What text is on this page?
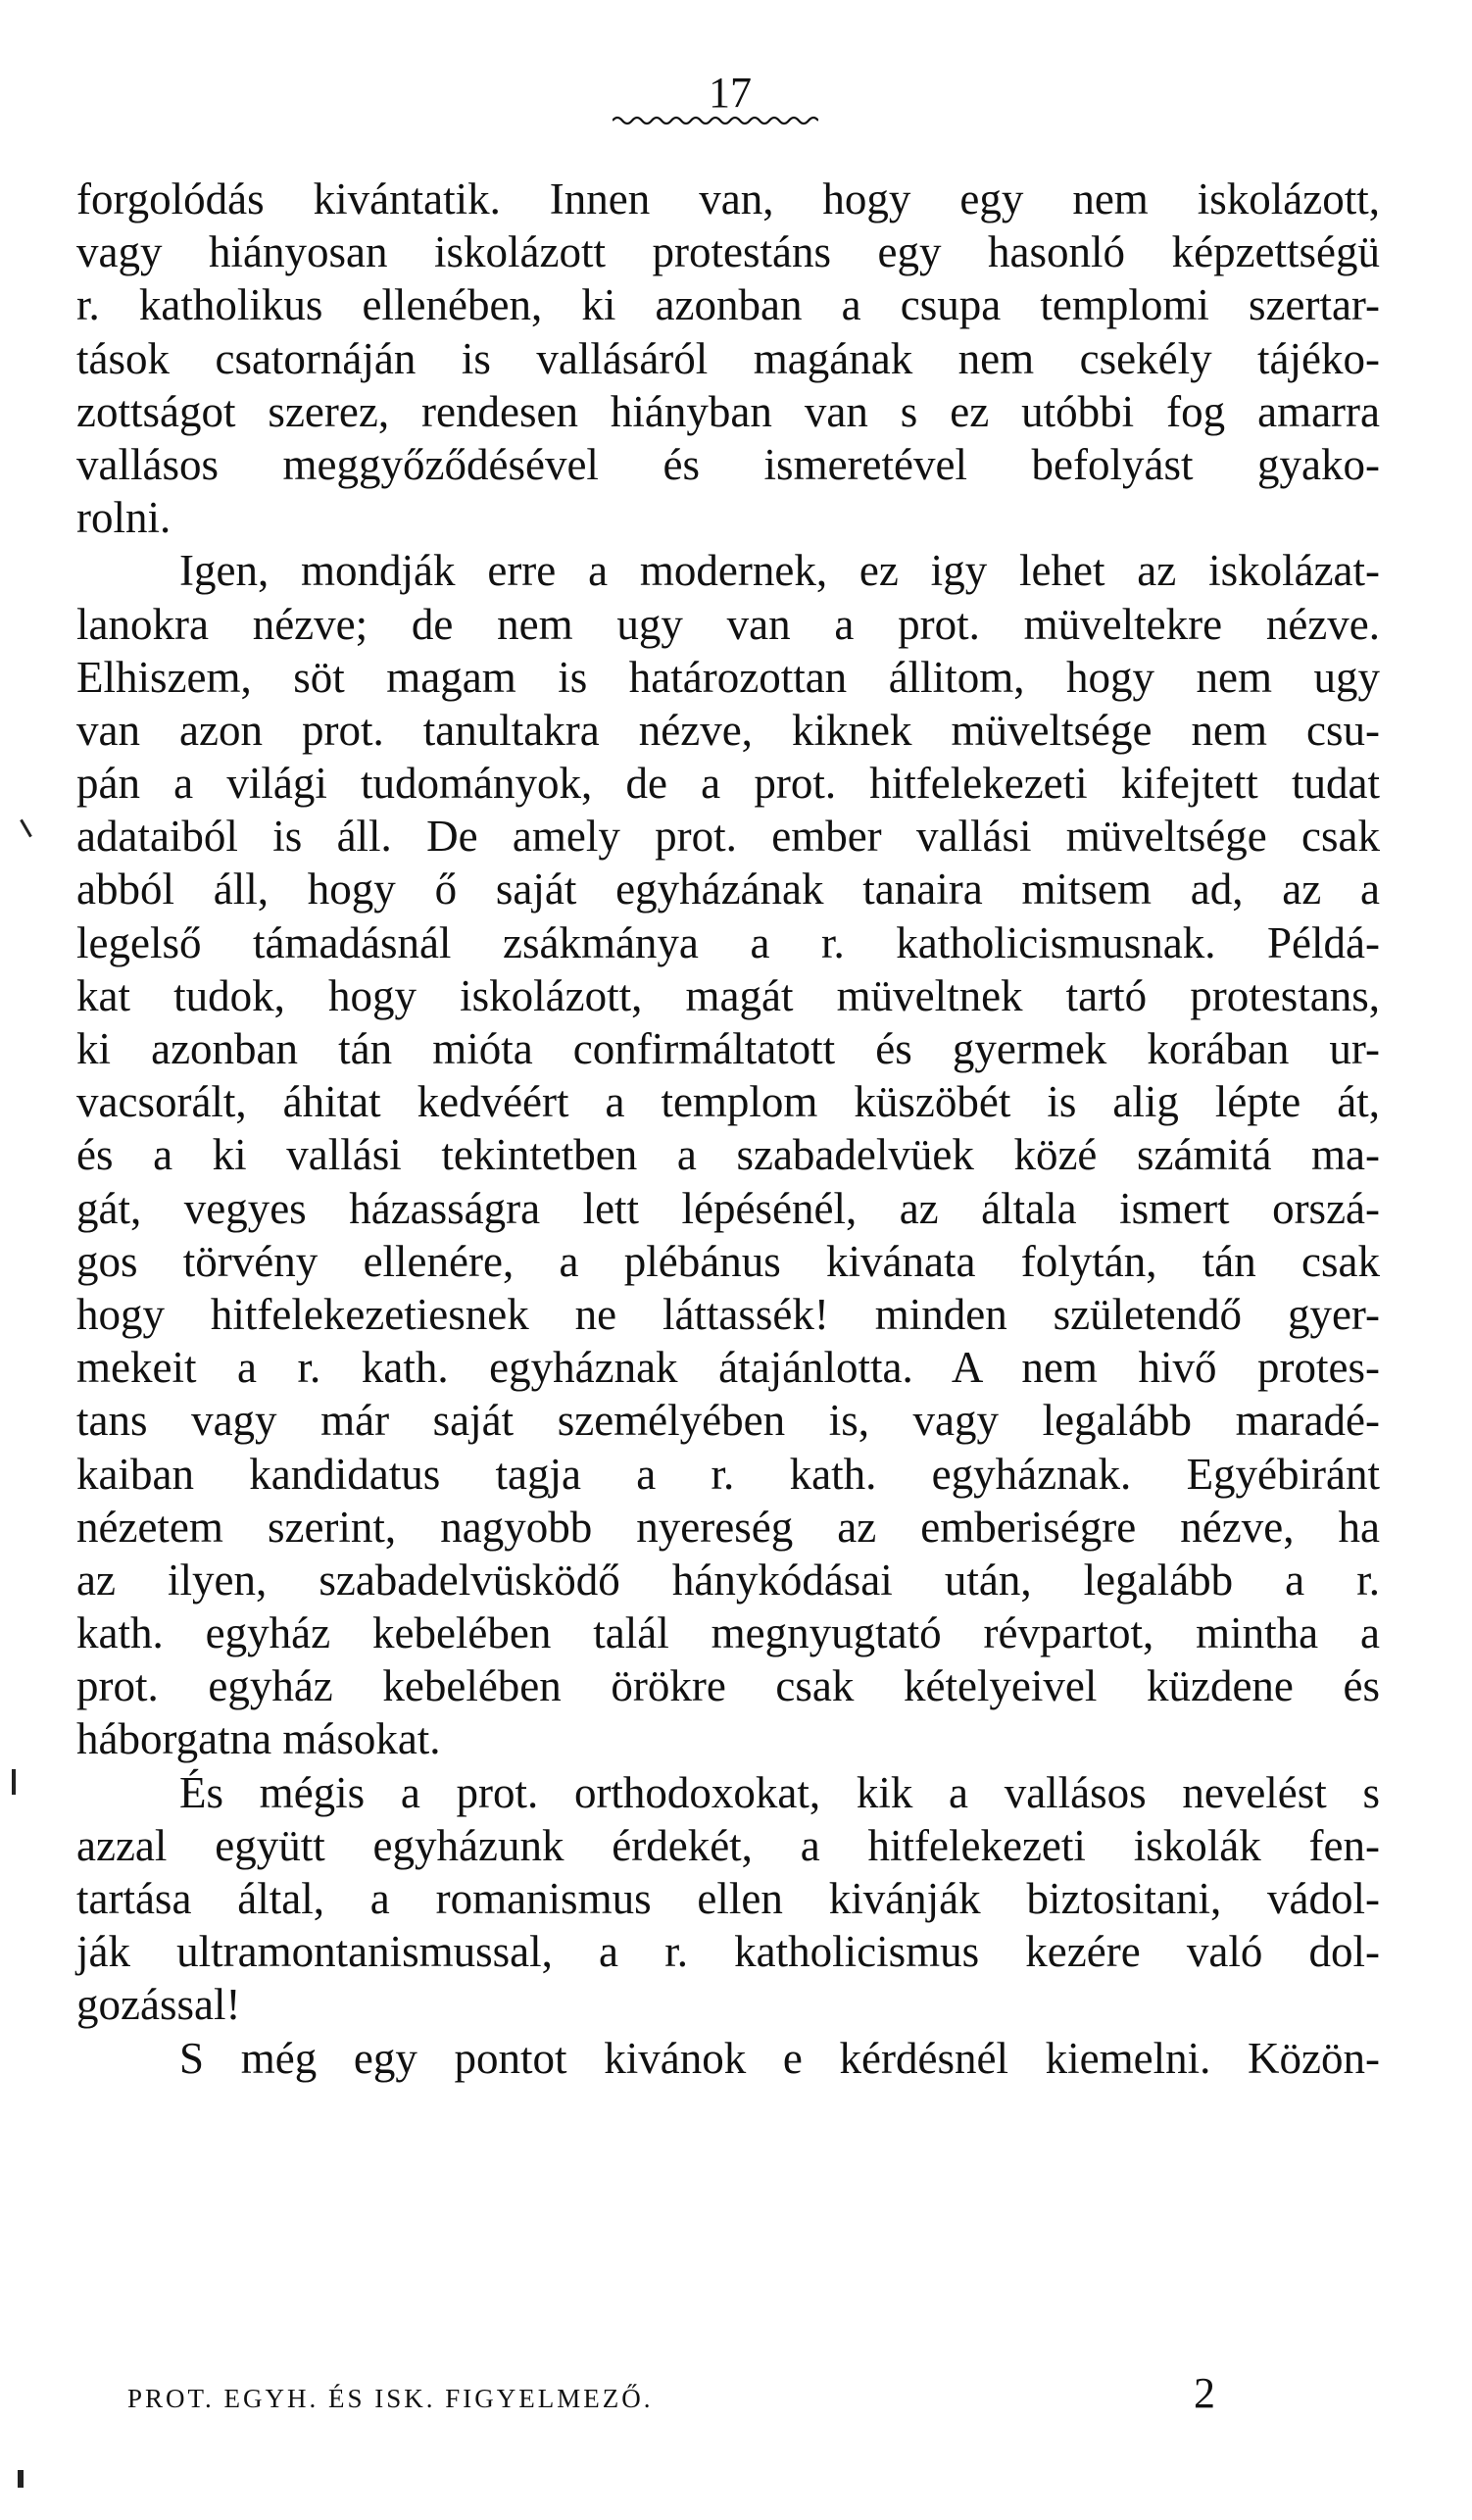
17
forgolódás kivántatik. Innen van, hogy egy nem iskolázott,
vagy hiányosan iskolázott protestáns egy hasonló képzettségü
r. katholikus ellenében, ki azonban a csupa templomi szertar-
tások csatornáján is vallásáról magának nem csekély tájéko-
zottságot szerez, rendesen hiányban van s ez utóbbi fog amarra
vallásos meggyőződésével és ismeretével befolyást gyako-
rolni.
Igen, mondják erre a modernek, ez igy lehet az iskolázat-
lanokra nézve; de nem ugy van a prot. müveltekre nézve.
Elhiszem, söt magam is határozottan állitom, hogy nem ugy
van azon prot. tanultakra nézve, kiknek müveltsége nem csu-
pán a világi tudományok, de a prot. hitfelekezeti kifejtett tudat
adataiból is áll. De amely prot. ember vallási müveltsége csak
abból áll, hogy ő saját egyházának tanaira mitsem ad, az a
legelső támadásnál zsákmánya a r. katholicismusnak. Példá-
kat tudok, hogy iskolázott, magát müveltnek tartó protestans,
ki azonban tán mióta confirmáltatott és gyermek korában ur-
vacsorált, áhitat kedvéért a templom küszöbét is alig lépte át,
és a ki vallási tekintetben a szabadelvüek közé számitá ma-
gát, vegyes házasságra lett lépésénél, az általa ismert orszá-
gos törvény ellenére, a plébánus kivánata folytán, tán csak
hogy hitfelekezetiesnek ne láttassék! minden születendő gyer-
mekeit a r. kath. egyháznak átajánlotta. A nem hivő protes-
tans vagy már saját személyében is, vagy legalább maradé-
kaiban kandidatus tagja a r. kath. egyháznak. Egyébiránt
nézetem szerint, nagyobb nyereség az emberiségre nézve, ha
az ilyen, szabadelvüsködő hánykódásai után, legalább a r.
kath. egyház kebelében talál megnyugtató révpartot, mintha a
prot. egyház kebelében örökre csak kételyeivel küzdene és
háborgatna másokat.
És mégis a prot. orthodoxokat, kik a vallásos nevelést s
azzal együtt egyházunk érdekét, a hitfelekezeti iskolák fen-
tartása által, a romanismus ellen kivánják biztositani, vádol-
ják ultramontanismussal, a r. katholicismus kezére való dol-
gozással!
S még egy pontot kivánok e kérdésnél kiemelni. Közön-
PROT. EGYH. ÉS ISK. FIGYELMEZŐ.	2
